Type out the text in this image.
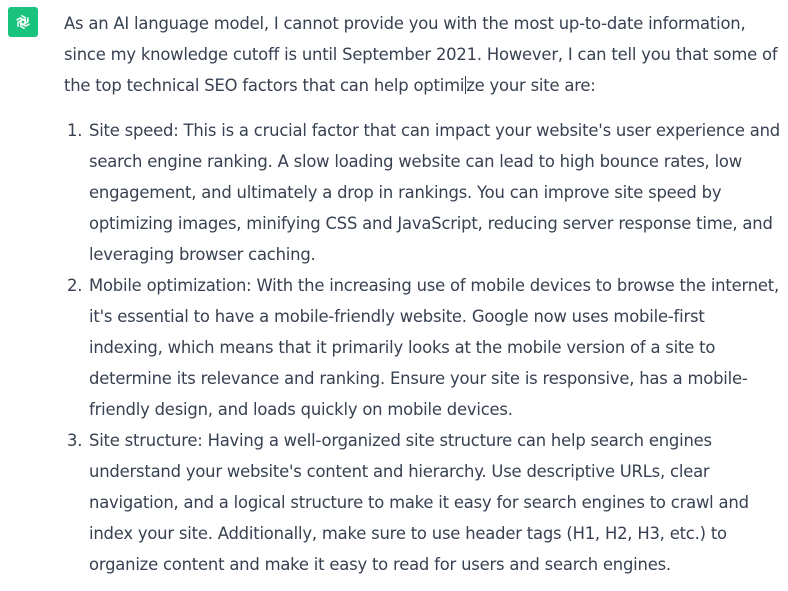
As an AI language model, I cannot provide you with the most up-to-date information, since my knowledge cutoff is until September 2021. However, I can tell you that some of the top technical SEO factors that can help optimi ze your site are:

1. Site speed: This is a crucial factor that can impact your website's user experience and search engine ranking. A slow loading website can lead to high bounce rates, low engagement, and ultimately a drop in rankings. You can improve site speed by optimizing images, minifying CSS and JavaScript, reducing server response time, and leveraging browser caching.
2. Mobile optimization: With the increasing use of mobile devices to browse the internet, it's essential to have a mobile-friendly website. Google now uses mobile-first indexing, which means that it primarily looks at the mobile version of a site to determine its relevance and ranking. Ensure your site is responsive, has a mobile-friendly design, and loads quickly on mobile devices.
3. Site structure: Having a well-organized site structure can help search engines understand your website's content and hierarchy. Use descriptive URLs, clear navigation, and a logical structure to make it easy for search engines to crawl and index your site. Additionally, make sure to use header tags (H1, H2, H3, etc.) to organize content and make it easy to read for users and search engines.
